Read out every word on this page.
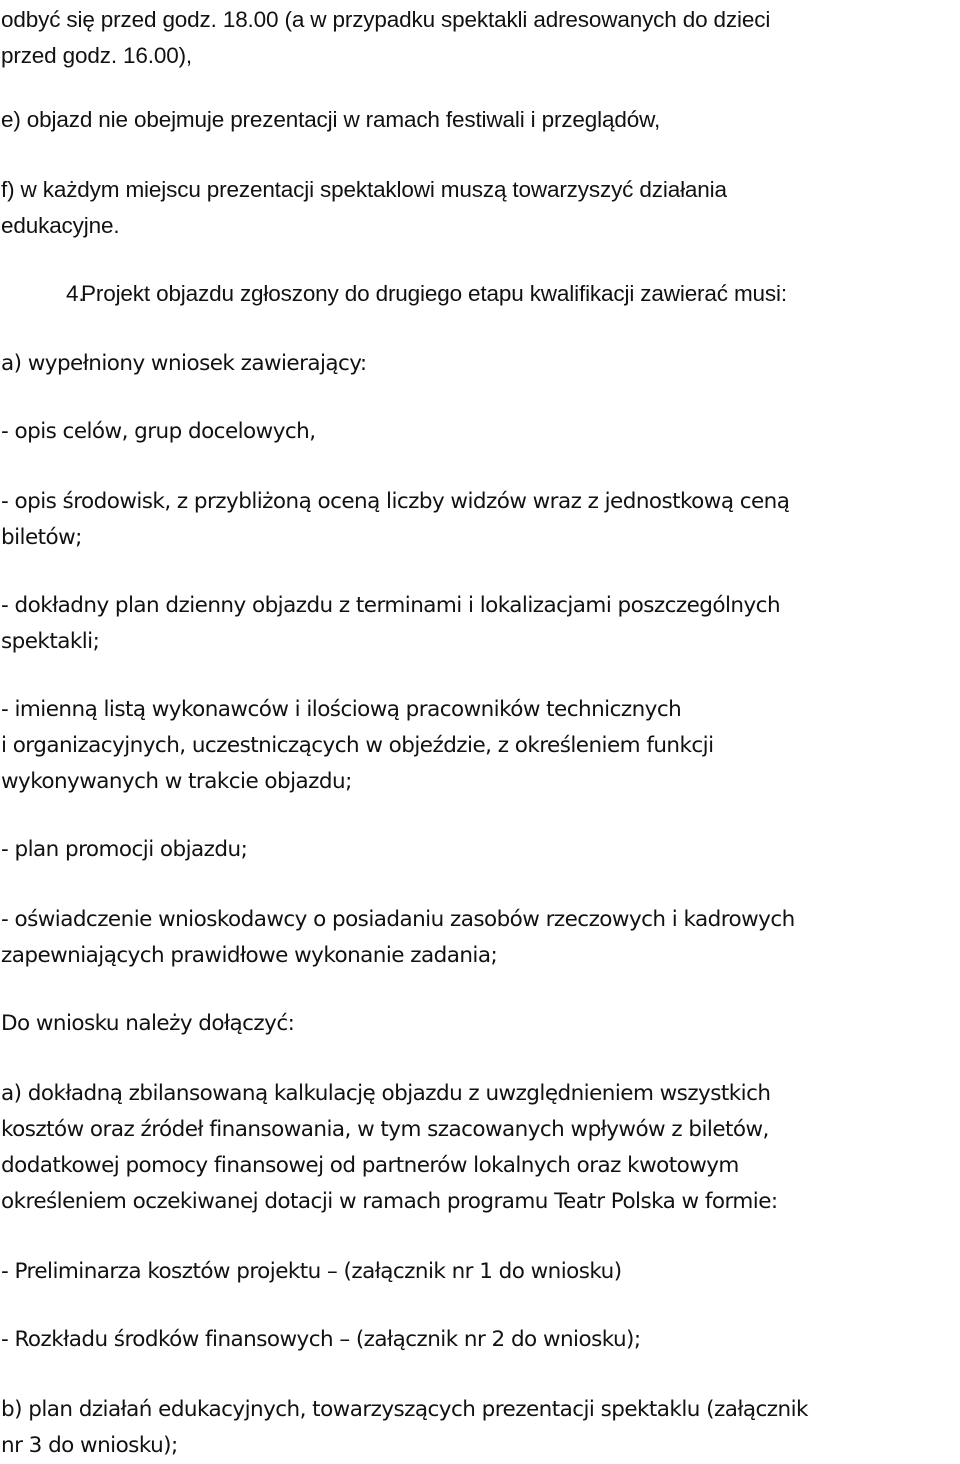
odbyć się przed godz. 18.00 (a w przypadku spektakli adresowanych do dzieci
przed godz. 16.00),
e) objazd nie obejmuje prezentacji w ramach festiwali i przeglądów,
f) w każdym miejscu prezentacji spektaklowi muszą towarzyszyć działania
edukacyjne.
4.
Projekt objazdu zgłoszony do drugiego etapu kwalifikacji zawierać musi:
a) wypełniony wniosek zawierający:
- opis celów, grup docelowych,
- opis środowisk, z przybliżoną oceną liczby widzów wraz z jednostkową ceną
biletów;
- dokładny plan dzienny objazdu z terminami i lokalizacjami poszczególnych
spektakli;
- imienną listą wykonawców i ilościową pracowników technicznych
i organizacyjnych, uczestniczących w objeździe, z określeniem funkcji
wykonywanych w trakcie objazdu;
- plan promocji objazdu;
- oświadczenie wnioskodawcy o posiadaniu zasobów rzeczowych i kadrowych
zapewniających prawidłowe wykonanie zadania;
Do wniosku należy dołączyć:
a) dokładną zbilansowaną kalkulację objazdu z uwzględnieniem wszystkich
kosztów oraz źródeł finansowania, w tym szacowanych wpływów z biletów,
dodatkowej pomocy finansowej od partnerów lokalnych oraz kwotowym
określeniem oczekiwanej dotacji w ramach programu Teatr Polska w formie:
- Preliminarza kosztów projektu – (załącznik nr 1 do wniosku)
- Rozkładu środków finansowych – (załącznik nr 2 do wniosku);
b) plan działań edukacyjnych, towarzyszących prezentacji spektaklu (załącznik
nr 3 do wniosku);
